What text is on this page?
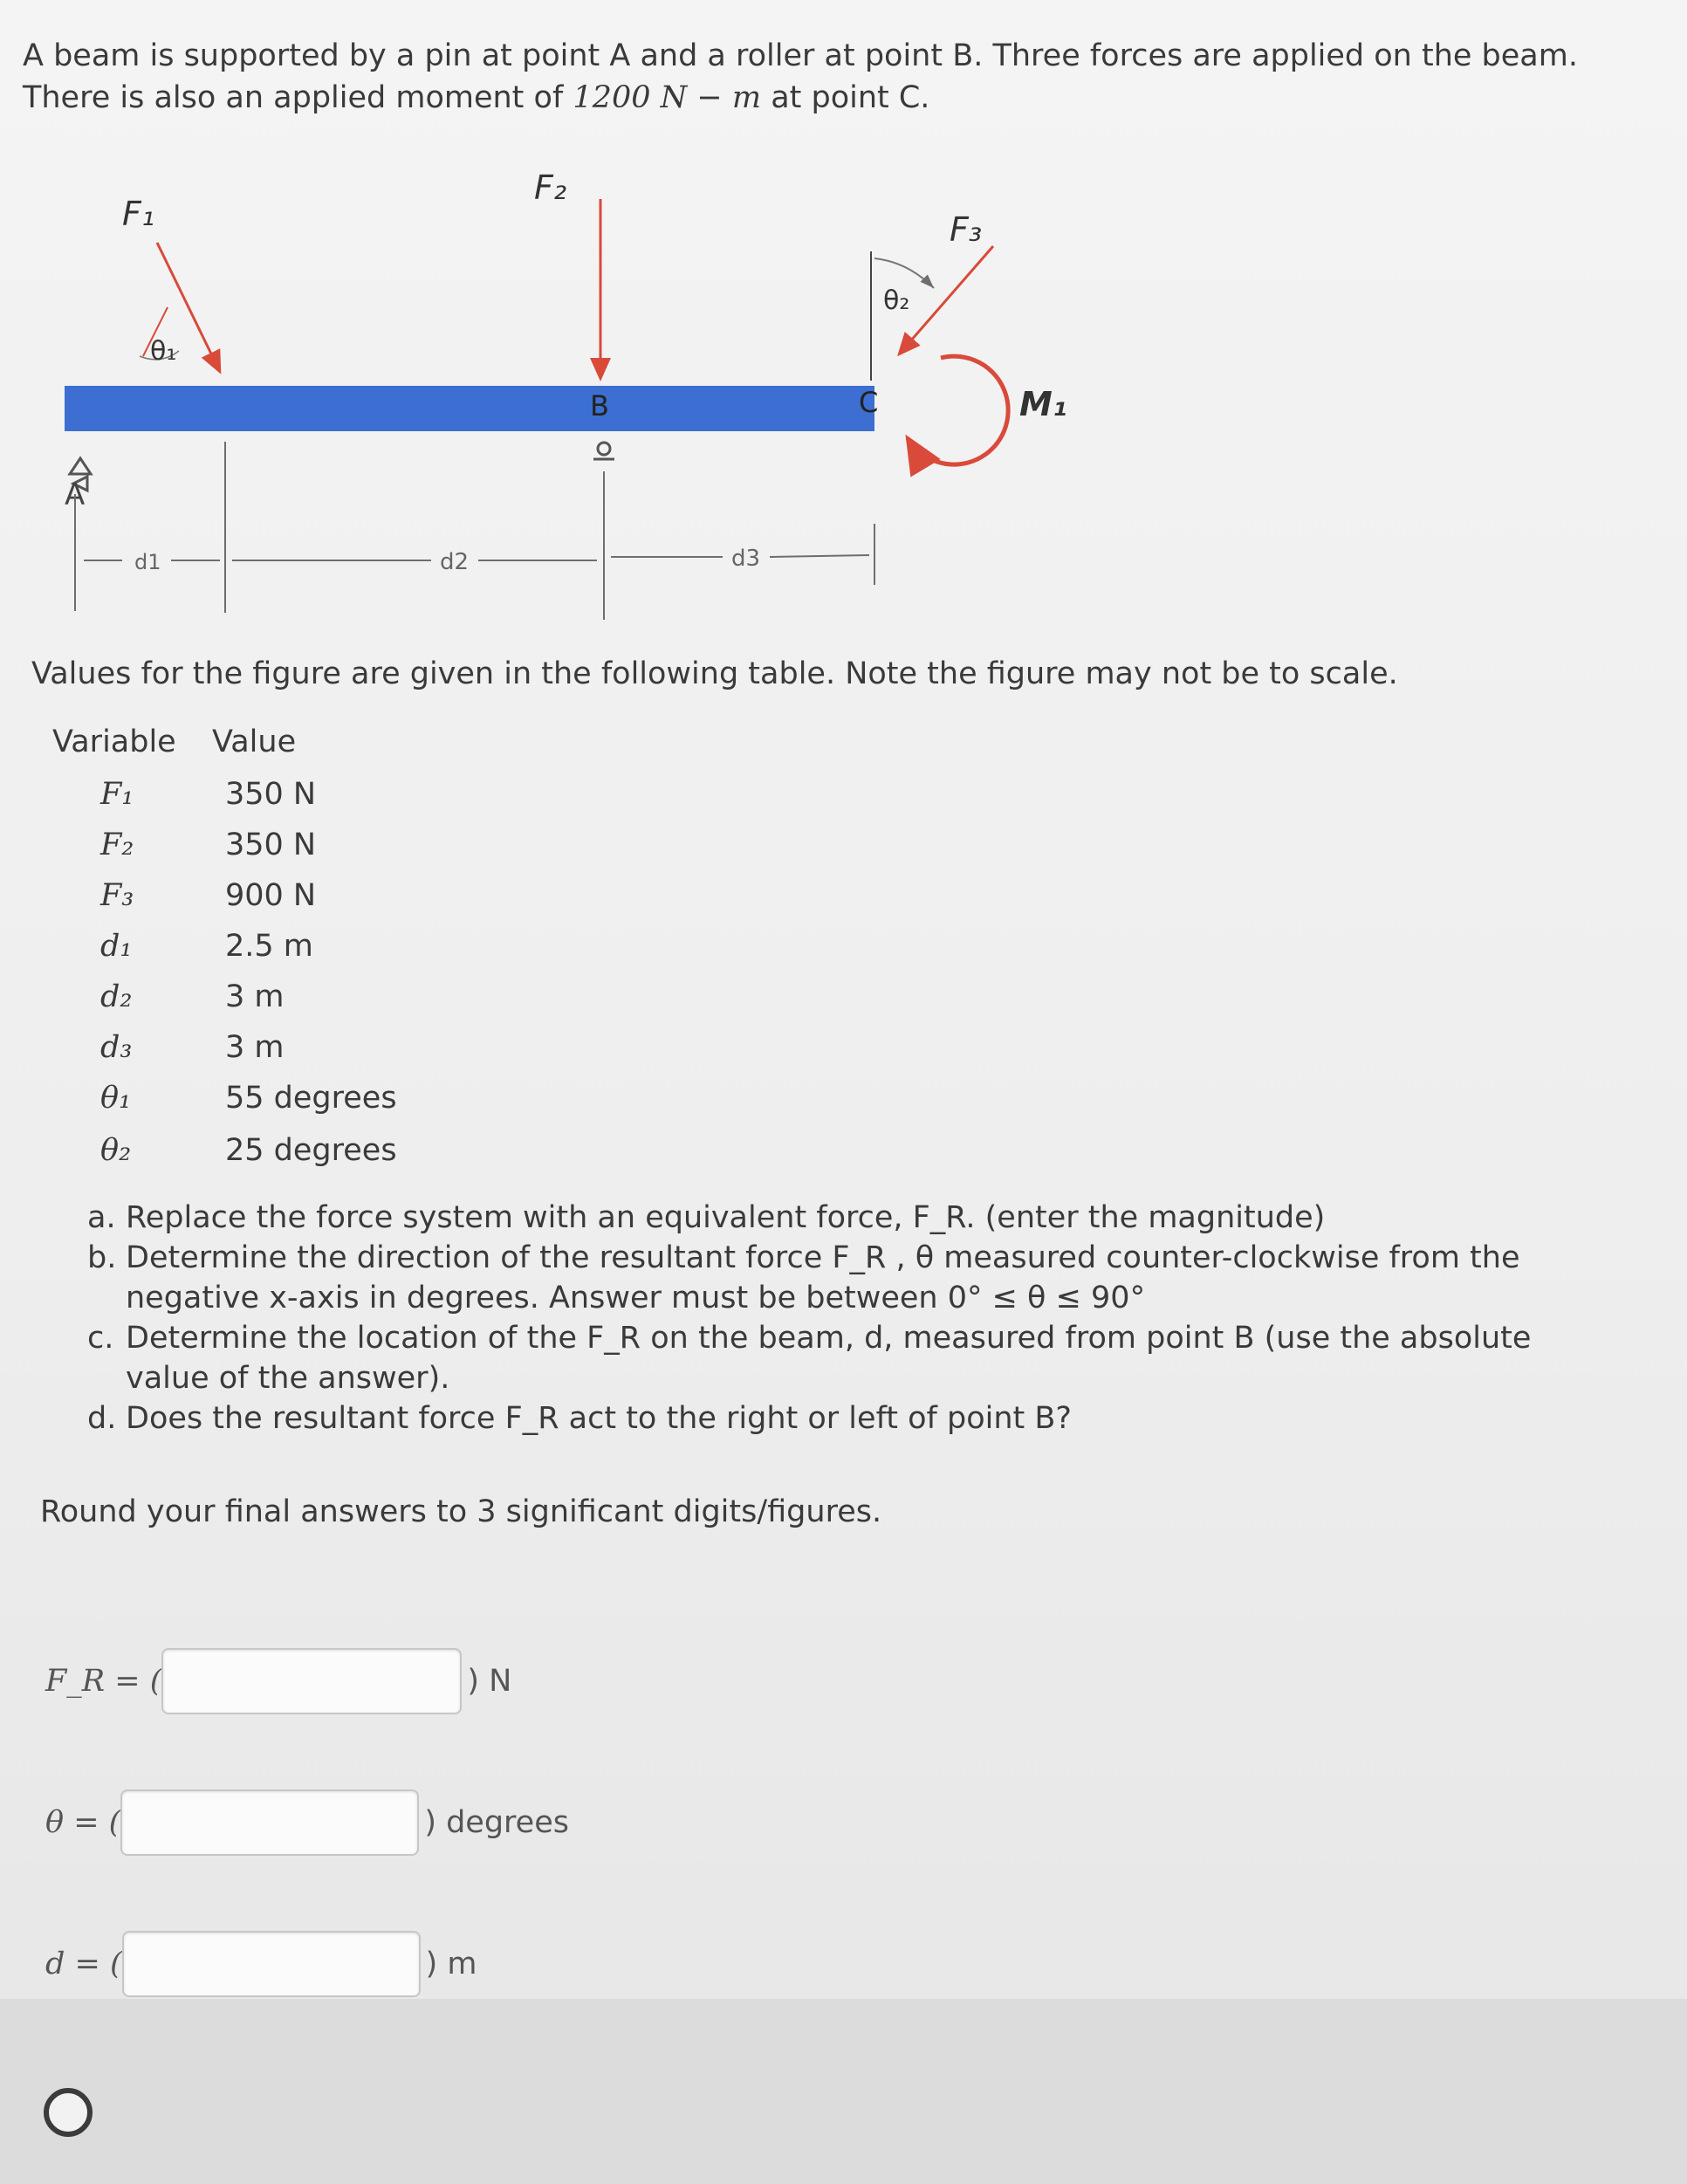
A beam is supported by a pin at point A and a roller at point B. Three forces are applied on the beam.
There is also an applied moment of 1200 N − m at point C.
A
B	C
F₁
θ₁
F₂
F₃
θ₂
M₁
d1	d2	d3
Values for the figure are given in the following table. Note the figure may not be to scale.
Variable Value
F₁	350 N
F₂	350 N
F₃	900 N
d₁	2.5 m
d₂	3 m
d₃	3 m
θ₁	55 degrees
θ₂	25 degrees
a. Replace the force system with an equivalent force, F_R. (enter the magnitude)
b. Determine the direction of the resultant force F_R , θ measured counter-clockwise from the negative x-axis in degrees. Answer must be between 0° ≤ θ ≤ 90°
c. Determine the location of the F_R on the beam, d, measured from point B (use the absolute value of the answer).
d. Does the resultant force F_R act to the right or left of point B?
Round your final answers to 3 significant digits/figures.
F_R = (	) N
θ = (	) degrees
d = (	) m
